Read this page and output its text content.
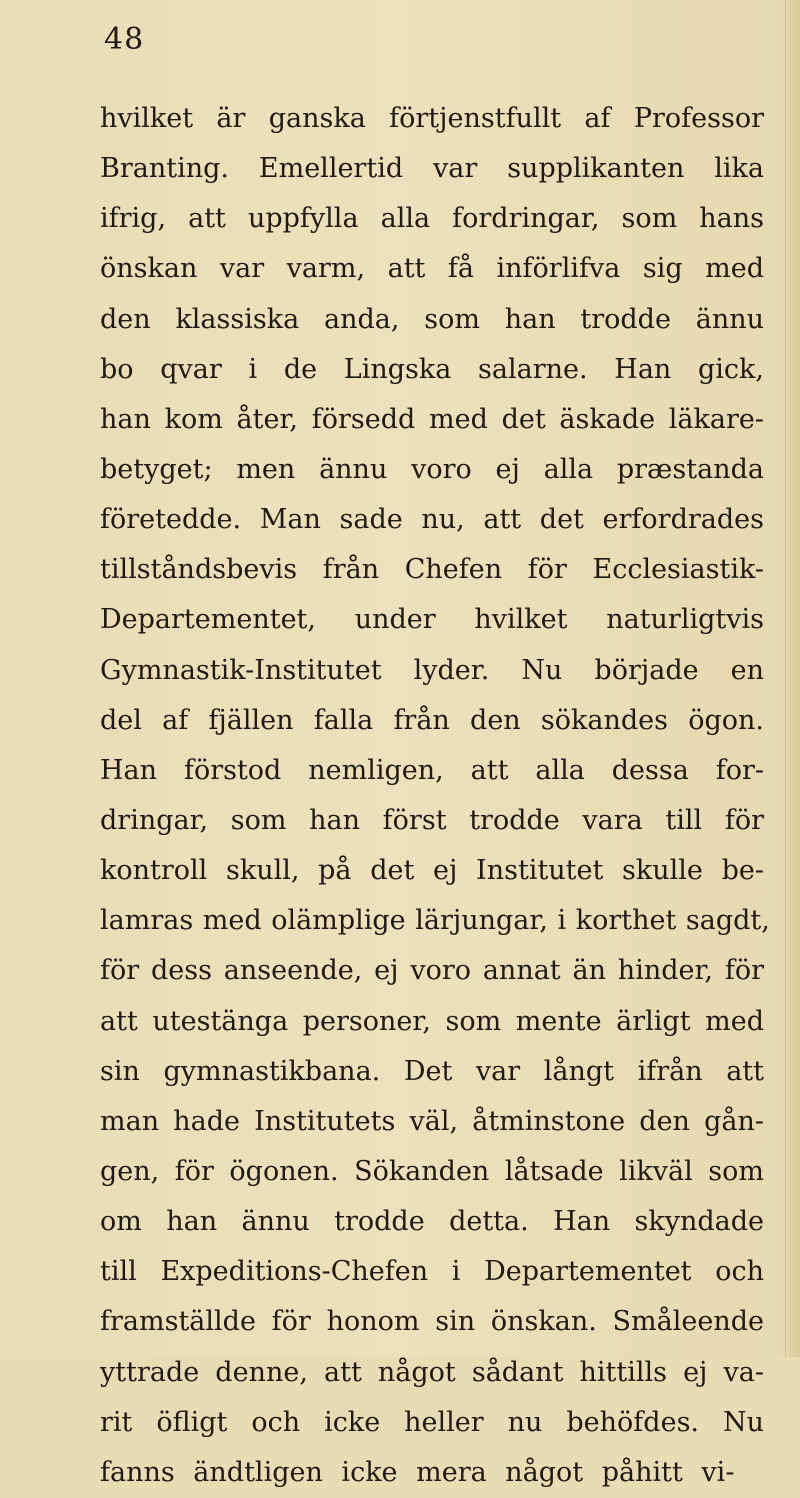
48
hvilket är ganska förtjenstfullt af Professor
Branting. Emellertid var supplikanten lika
ifrig, att uppfylla alla fordringar, som hans
önskan var varm, att få införlifva sig med
den klassiska anda, som han trodde ännu
bo qvar i de Lingska salarne. Han gick,
han kom åter, försedd med det äskade läkare-
betyget; men ännu voro ej alla præstanda
företedde. Man sade nu, att det erfordrades
tillståndsbevis från Chefen för Ecclesiastik-
Departementet, under hvilket naturligtvis
Gymnastik-Institutet lyder. Nu började en
del af fjällen falla från den sökandes ögon.
Han förstod nemligen, att alla dessa for-
dringar, som han först trodde vara till för
kontroll skull, på det ej Institutet skulle be-
lamras med olämplige lärjungar, i korthet sagdt,
för dess anseende, ej voro annat än hinder, för
att utestänga personer, som mente ärligt med
sin gymnastikbana. Det var långt ifrån att
man hade Institutets väl, åtminstone den gån-
gen, för ögonen. Sökanden låtsade likväl som
om han ännu trodde detta. Han skyndade
till Expeditions-Chefen i Departementet och
framställde för honom sin önskan. Småleende
yttrade denne, att något sådant hittills ej va-
rit öfligt och icke heller nu behöfdes. Nu
fanns ändtligen icke mera något påhitt vi-
